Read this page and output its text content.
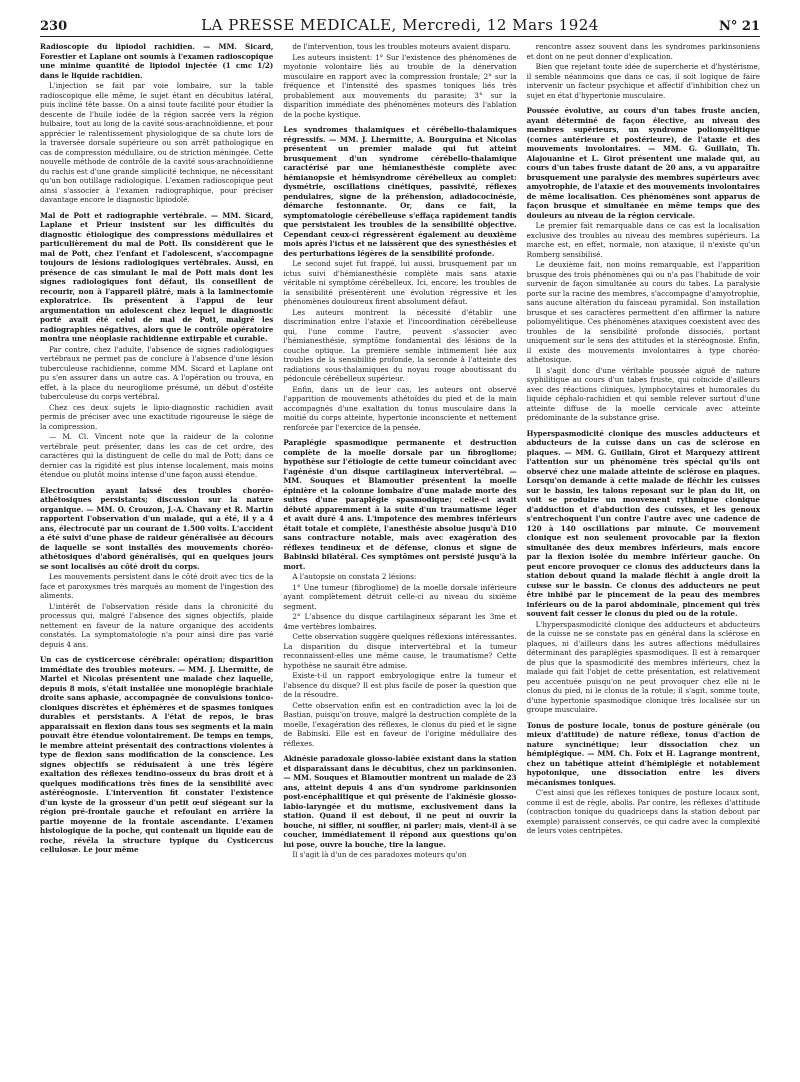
230	LA PRESSE MEDICALE, Mercredi, 12 Mars 1924	N° 21

Radioscopie du lipiodol rachidien. — MM. Sicard, Forestier et Laplane ont soumis à l'examen radioscopique une minime quantité de lipiodol injectée (1 cmc 1/2) dans le liquide rachidien.

L'injection se fait par voie lombaire, sur la table radioscopique elle même, le sujet étant en décubitus latéral, puis incliné tête basse. On a ainsi toute facilité pour étudier la descente de l'huile iodée de la région sacrée vers la région bulbaire, tout au long de la cavité sous-arachnoïdienne, et pour apprécier le ralentissement physiologique de sa chute lors de la traversée dorsale supérieure ou son arrêt pathologique en cas de compression médullaire, ou de striction méningée. Cette nouvelle méthode de contrôle de la cavité sous-arachnoïdienne du rachis est d'une grande simplicité technique, ne nécessitant qu'un bon outillage radiologique. L'examen radioscopique peut ainsi s'associer à l'examen radiographique, pour préciser davantage encore le diagnostic lipiodolé.

Mal de Pott et radiographie vertébrale. — MM. Sicard, Laplane et Prieur insistent sur les difficultés du diagnostic étiologique des compressions médullaires et particulièrement du mal de Pott. Ils considèrent que le mal de Pott, chez l'enfant et l'adolescent, s'accompagne toujours de lésions radiologiques vertébrales. Aussi, en présence de cas simulant le mal de Pott mais dont les signes radiologiques font défaut, ils conseillent de recourir, non à l'appareil plâtré, mais à la laminectomie exploratrice. Ils présentent à l'appui de leur argumentation un adolescent chez lequel le diagnostic porté avait été celui de mal de Pott, malgré les radiographies négatives, alors que le contrôle opératoire montra une néoplasie rachidienne extirpable et curable.

Par contre, chez l'adulte, l'absence de signes radiologiques vertébraux ne permet pas de conclure à l'absence d'une lésion tuberculeuse rachidienne, comme MM. Sicard et Laplane ont pu s'en assurer dans un autre cas. A l'opération ou trouva, en effet, à la place du neurogliome présumé, un début d'ostéite tuberculeuse du corps vertébral.

Chez ces deux sujets le lipio-diagnostic rachidien avait permis de préciser avec une exactitude rigoureuse le siège de la compression.

— M. Cl. Vincent note que la raideur de la colonne vertébrale peut présenter, dans les cas de cet ordre, des caractères qui la distinguent de celle du mal de Pott; dans ce dernier cas la rigidité est plus intense localement, mais moins étendue ou plutôt moins intense d'une façon aussi étendue.

Electrocution ayant laissé des troubles choréo-athétosiques persistants; discussion sur la nature organique. — MM. O. Crouzon, J.-A. Chavany et R. Martin rapportent l'observation d'un malade, qui a été, il y a 4 ans, électrocuté par un courant de 1.500 volts. L'accident a été suivi d'une phase de raideur généralisée au décours de laquelle se sont installés des mouvements choréo-athétosiques d'abord généralisés, qui en quelques jours se sont localisés au côté droit du corps.

Les mouvements persistent dans le côté droit avec tics de la face et paroxysmes très marqués au moment de l'ingestion des aliments.

L'intérêt de l'observation réside dans la chronicité du processus qui, malgré l'absence des signes objectifs, plaide nettement en faveur de la nature organique des accidents constatés. La symptomatologie n'a pour ainsi dire pas varié depuis 4 ans.

Un cas de cysticercose cérébrale: opération; disparition immédiate des troubles moteurs. — MM. J. Lhermitte, de Martel et Nicolas présentent une malade chez laquelle, depuis 8 mois, s'était installée une monoplégie brachiale droite sans aphasie, accompagnée de convulsions tonico-cloniques discrètes et éphémères et de spasmes toniques durables et persistants. A l'état de repos, le bras apparaissait en flexion dans tous ses segments et la main pouvait être étendue volontairement. De temps en temps, le membre atteint présentait des contractions violentes à type de flexion sans modification de la conscience. Les signes objectifs se réduisaient à une très légère exaltation des réflexes tendino-osseux du bras droit et à quelques modifications très fines de la sensibilité avec astéréognosie. L'intervention fit constater l'existence d'un kyste de la grosseur d'un petit œuf siégeant sur la région pré-frontale gauche et refoulant en arrière la partie moyenne de la frontale ascendante. L'examen histologique de la poche, qui contenait un liquide eau de roche, révéla la structure typique du Cysticercus cellulosæ. Le jour même

de l'intervention, tous les troubles moteurs avaient disparu.

Les auteurs insistent: 1° Sur l'existence des phénomènes de myotonie volontaire liés au trouble de la dénervation musculaire en rapport avec la compression frontale; 2° sur la fréquence et l'intensité des spasmes toniques liés très probablement aux mouvements du parasite; 3° sur la disparition immédiate des phénomènes moteurs dès l'ablation de la poche kystique.

Les syndromes thalamiques et cérébello-thalamiques régressifs. — MM. J. Lhermitte, A. Bourguina et Nicolas présentent un premier malade qui fut atteint brusquement d'un syndrome cérébello-thalamique caractérisé par une hémianesthésie complète avec hémianopsie et hémisyndrome cérébelleux au complet: dysmétrie, oscillations cinétiques, passivité, réflexes pendulaires, signe de la préhension, adiadococinésie, démarche festonnante. Or, dans ce fait, la symptomatologie cérébelleuse s'effaça rapidement tandis que persistaient les troubles de la sensibilité objective. Cependant ceux-ci régressèrent également au deuxième mois après l'ictus et ne laissèrent que des synesthésies et des perturbations légères de la sensibilité profonde.

Le second sujet fut frappé, lui aussi, brusquement par un ictus suivi d'hémianesthésie complète mais sans ataxie véritable ni symptôme cérébelleux. Ici, encore, les troubles de la sensibilité présentèrent une évolution régressive et les phénomènes douloureux firent absolument défaut.

Les auteurs montrent la nécessité d'établir une discrimination entre l'ataxie et l'incoordination cérébelleuse qui, l'une comme l'autre, peuvent s'associer avec l'hémianesthésie, symptôme fondamental des lésions de la couche optique. La première semble intimement liée aux troubles de la sensibilité profonde, la seconde à l'atteinte des radiations sous-thalamiques du noyau rouge aboutissant du pédoncule cérébelleux supérieur.

Enfin, dans un de leur cas, les auteurs ont observé l'apparition de mouvements athétoïdes du pied et de la main accompagnés d'une exaltation du tonus musculaire dans la moitié du corps atteinte, hypertonie inconsciente et nettement renforcée par l'exercice de la pensée.

Paraplégie spasmodique permanente et destruction complète de la moelle dorsale par un fibrogliome; hypothèse sur l'étiologie de cette tumeur coïncidant avec l'agénésie d'un disque cartilagineux intervertébral. — MM. Souques et Blamoutier présentent la moelle épinière et la colonne lombaire d'une malade morte des suites d'une paraplégie spasmodique; celle-ci avait débuté apparemment à la suite d'un traumatisme léger et avait duré 4 ans. L'impotence des membres inférieurs était totale et complète, l'anesthésie absolue jusqu'à D10 sans contracture notable, mais avec exagération des réflexes tendineux et de défense, clonus et signe de Babinski bilatéral. Ces symptômes ont persisté jusqu'à la mort.

A l'autopsie on constata 2 lésions:

1° Une tumeur (fibrogliome) de la moelle dorsale inférieure ayant complètement détruit celle-ci au niveau du sixième segment.

2° L'absence du disque cartilagineux séparant les 3me et 4me vertèbres lombaires.

Cette observation suggère quelques réflexions intéressantes. La disparition du disque intervertébral et la tumeur reconnaissent-elles une même cause, le traumatisme? Cette hypothèse ne saurait être admise.

Existe-t-il un rapport embryologique entre la tumeur et l'absence du disque? Il est plus facile de poser la question que de la résoudre.

Cette observation enfin est en contradiction avec la loi de Bastian, puisqu'on trouve, malgré la destruction complète de la moelle, l'exagération des réflexes, le clonus du pied et le signe de Babinski. Elle est en faveur de l'origine médullaire des réflexes.

Akinésie paradoxale glosso-labiée existant dans la station et disparaissant dans le décubitus, chez un parkinsonien. — MM. Souques et Blamoutier montrent un malade de 23 ans, atteint depuis 4 ans d'un syndrome parkinsonien post-encéphalitique et qui présente de l'akinésie glosso-labio-laryngée et du mutisme, exclusivement dans la station. Quand il est debout, il ne peut ni ouvrir la bouche, ni siffler, ni souffler, ni parler; mais, vient-il à se coucher, immédiatement il répond aux questions qu'on lui pose, ouvre la bouche, tire la langue.

Il s'agit là d'un de ces paradoxes moteurs qu'on

rencontre assez souvent dans les syndromes parkinsoniens et dont on ne peut donner d'explication.

Bien que rejetant toute idée de supercherie et d'hystérisme, il semble néanmoins que dans ce cas, il soit logique de faire intervenir un facteur psychique et affectif d'inhibition chez un sujet en état d'hypertonie musculaire.

Poussée évolutive, au cours d'un tabes fruste ancien, ayant déterminé de façon élective, au niveau des membres supérieurs, un syndrome poliomyélitique (cornes antérieure et postérieure), de l'ataxie et des mouvements involontaires. — MM. G. Guillain, Th. Alajouanine et L. Girot présentent une malade qui, au cours d'un tabes fruste datant de 20 ans, a vu apparaître brusquement une paralysie des membres supérieurs avec amyotrophie, de l'ataxie et des mouvements involontaires de même localisation. Ces phénomènes sont apparus de façon brusque et simultanée en même temps que des douleurs au niveau de la région cervicale.

Le premier fait remarquable dans ce cas est la localisation exclusive des troubles au niveau des membres supérieurs. La marche est, en effet, normale, non ataxique, il n'existe qu'un Romberg sensibilisé.

Le deuxième fait, non moins remarquable, est l'apparition brusque des trois phénomènes qui ou n'a pas l'habitude de voir survenir de façon simultanée au cours du tabes. La paralysie porte sur la racine des membres, s'accompagne d'amyotrophie, sans aucune altération du faisceau pyramidal. Son installation brusque et ses caractères permettent d'en affirmer la nature poliomyélitique. Ces phénomènes ataxiques coexistent avec des troubles de la sensibilité profonde dissociés, portant uniquement sur le sens des attitudes et la stéréognosie. Enfin, il existe des mouvements involontaires à type choréo-athétosique.

Il s'agit donc d'une véritable poussée aiguë de nature syphilitique au cours d'un tabes fruste, qui coïncide d'ailleurs avec des réactions cliniques, lymphocytaires et humorales du liquide céphalo-rachidien et qui semble relever surtout d'une atteinte diffuse de la moelle cervicale avec atteinte prédominante de la substance grise.

Hyperspasmodicité clonique des muscles adducteurs et abducteurs de la cuisse dans un cas de sclérose en plaques. — MM. G. Guillain, Girot et Marquezy attirent l'attention sur un phénomène très spécial qu'ils ont observé chez une malade atteinte de sclérose en plaques. Lorsqu'on demande à cette malade de fléchir les cuisses sur le bassin, les talons reposant sur le plan du lit, on voit se produire un mouvement rythmique clonique d'adduction et d'abduction des cuisses, et les genoux s'entrechoquent l'un contre l'autre avec une cadence de 120 à 140 oscillations par minute. Ce mouvement clonique est non seulement provocable par la flexion simultanée des deux membres inférieurs, mais encore par la flexion isolée du membre inférieur gauche. On peut encore provoquer ce clonus des adducteurs dans la station debout quand la malade fléchit à angle droit la cuisse sur le bassin. Ce clonus des adducteurs ne peut être inhibé par le pincement de la peau des membres inférieurs ou de la paroi abdominale, pincement qui très souvent fait cesser le clonus du pied ou de la rotule.

L'hyperspasmodicité clonique des adducteurs et abducteurs de la cuisse ne se constate pas en général dans la sclérose en plaques, ni d'ailleurs dans les autres affections médullaires déterminant des paraplégies spasmodiques. Il est à remarquer de plus que la spasmodicité des membres inférieurs, chez la malade qui fait l'objet de cette présentation, est relativement peu accentuée puisqu'on ne peut provoquer chez elle ni le clonus du pied, ni le clonus de la rotule; il s'agit, somme toute, d'une hypertonie spasmodique clonique très localisée sur un groupe musculaire.

Tonus de posture locale, tonus de posture générale (ou mieux d'attitude) de nature réflexe, tonus d'action de nature syncinétique; leur dissociation chez un hémiplégique. — MM. Ch. Foix et H. Lagrange montrent, chez un tabétique atteint d'hémiplégie et notablement hypotonique, une dissociation entre les divers mécanismes toniques.

C'est ainsi que les réflexes toniques de posture locaux sont, comme il est de règle, abolis. Par contre, les réflexes d'attitude (contraction tonique du quadriceps dans la station debout par exemple) paraissent conservés, ce qui cadre avec la complexité de leurs voies centripètes.
